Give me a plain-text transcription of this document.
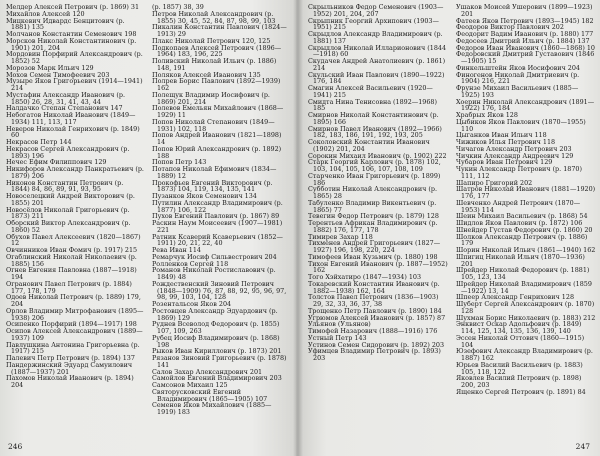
Мелдер Алексей Петрович (р. 1869) 31
Михайлов Алексей 120
Мицкевич Идвардс Бенцитович (р. 1881) 135
Молчанов Константин Семенович 198
Морсков Николай Константинович (р. 1901) 201, 204
Мордовин Порфирий Александрович (р. 1852) 52
Морозов Марк Ильич 129
Мохов Семен Тимофеевич 203
Музыре Яков Григорьевич (1914—1941) 214
Мустафин Александр Иванович (р. 1850) 26, 28, 31, 41, 43, 44
Налдачко Степан Степанович 147
Небогатов Николай Иванович (1849—1934) 111, 113, 117
Неверов Николай Генрихович (р. 1849) 60
Некрасов Петр 144
Некрасов Сергей Александрович (р. 1893) 196
Нечес Ефим Филиппович 129
Никифоров Александр Панкратьевич (р. 1879) 206
Никонов Константин Петрович (р. 1844) 84, 86, 89, 91, 93, 95
Новоселецкий Андрей Викторович (р. 1855) 201
Новосёлов Николай Григорьевич (р. 1873) 211
Оборский Виктор Александрович (р. 1860) 52
Обухов Павел Алексеевич (1820—1867) 12
Овчинников Иван Фомич (р. 1917) 215
Огаблинский Николай Николаевич (р. 1885) 156
Огнев Евгения Павловна (1887—1918) 194
Огранович Павел Петрович (р. 1884) 177, 178, 179
Одоев Николай Петрович (р. 1889) 179, 204
Орлов Владимир Митрофанович (1895—1938) 206
Осипенко Порфирий (1894—1917) 198
Осипов Алексей Александрович (1889—1937) 109
Павлушкина Антонина Григорьевна (р. 1917) 215
Палевич Петр Петрович (р. 1894) 137
Пандержинский Эдуард Самуилович (1887—1937) 201
Пахомов Николай Иванович (р. 1894) 204
(р. 1857) 38, 39
Петров Николай Александрович (р. 1855) 30, 45, 52, 84, 87, 98, 99, 103
Пикалин Константин Павлович (1824—1913) 29
Плакс Николай Петрович 120, 125
Подкопаев Алексей Петрович (1896—1964) 183, 196, 225
Поливский Николай Ильич (р. 1886) 148, 191
Поляков Алексей Иванович 135
Полрев Борис Павлович (1892—1939) 162
Полещук Владимир Иосифович (р. 1869) 201, 214
Полевов Емельян Михайлович (1868—1929) 11
Попов Николай Степанович (1849—1931) 102, 118
Попов Андрей Иванович (1821—1898) 14
Попов Юрий Александрович (р. 1892) 188
Попов Петр 143
Потапов Николай Ефимович (1834—1889) 12
Прокофьев Евгений Викторович (р. 1873) 104, 119, 134, 135, 141
Пузанков Яков Семенович 134
Путилин Александр Владимирович (р. 1877) 106, 122
Пухов Евгений Павлович (р. 1867) 89
Раскин Наум Моисеевич (1907—1981) 221
Ратник Ксаверий Ксаверьевич (1852—1911) 20, 21, 22, 40
Рева Иван 114
Ремарчук Иосиф Сильвестрович 204
Ролленков Сергей 118
Романов Николай Ростиславович (р. 1849) 48
Рождественский Зиновий Петрович (1848—1909) 76, 87, 88, 92, 95, 96, 97, 98, 99, 103, 104, 128
Розентальсон Яков 204
Ростовцев Александр Эдуардович (р. 1869) 129
Руднев Всеволод Федорович (р. 1855) 107, 109, 263
Рубец Иосиф Владимирович (р. 1868) 198
Рыков Иван Кириллович (р. 1873) 201
Рязанов Зиновий Григорьевич (р. 1878) 141
Салов Захар Александрович 201
Самойлов Евгений Владимирович 203
Самсонов Михаил 125
Святорусковский Евгений Владимирович (1865—1905) 107
Семенов Яков Михайлович (1885—1919) 183
246
Скрыльников Федор Семенович (1903—1952) 201, 204, 207
Скрыпник Георгий Архипович (1903—1951) 215
Скрыдлов Александр Владимирович (р. 1881) 137
Скрыдлов Николай Илларионович (1844—1918) 60
Скудачев Андрей Анатолиевич (р. 1861) 214
Скульский Иван Павлович (1890—1922) 176, 184
Смагин Алексей Васильевич (1920—1941) 215
Смидта Нина Тенисовна (1892—1968) 185
Смирнов Николай Константинович (р. 1895) 166
Смирнов Павел Иванович (1892—1966) 182, 183, 186, 191, 192, 193, 205
Соколовский Константин Иванович (1902) 201, 204
Сорокин Михаил Иванович (р. 1902) 222
Старк Георгий Карлович (р. 1878) 102, 103, 104, 105, 106, 107, 108, 109
Старченко Иван Григорьевич (р. 1899) 186
Субботин Николай Александрович (р. 1865) 28
Табуленко Владимир Викентьевич (р. 1865) 77
Тевегин Федор Петрович (р. 1879) 128
Терентьев Африкан Владимирович (р. 1882) 176, 177, 178
Тимирев Захар 118
Тихменев Андрей Григорьевич (1827—1927) 196, 198, 220, 224
Тимофеев Иван Кузьмич (р. 1880) 198
Тихон Евгений Иванович (р. 1887—1952) 162
Того Хэйхатиро (1847—1934) 103
Токаревский Константин Иванович (р. 1882—1938) 162, 164
Толстов Павел Петрович (1836—1903) 29, 32, 33, 36, 37, 38
Трощенко Петр Павлович (р. 1890) 184
Угрюмов Алексей Иванович (р. 1857) 87
Ульянов (Ульянов)
Тимофей Назарович (1888—1916) 176
Устный Петр 143
Устинов Семен Сидорович (р. 1892) 203
Уфимцев Владимир Петрович (р. 1893) 203
Ушаков Моисей Ушерович (1899—1923) 201
Фатеев Яков Петрович (1893—1945) 182
Феодоров Виктор Павлович 202
Феодорит Вадим Иванович (р. 1880) 177
Федосеев Дмитрий Ильич (р. 1884) 137
Федоров Иван Иванович (1860—1868) 10
Федоровский Дмитрий Густавович (1846—1905) 15
Финкельштейн Яков Иосифович 204
Финогенов Николай Дмитриевич (р. 1904) 216, 221
Фрунзе Михаил Васильевич (1885—1925) 193
Хоерин Николай Александрович (1891—1922) 176, 184
Храбрых Яков 128
Цыбиков Яков Павлович (1870—1955) 110
Цыганков Иван Ильич 118
Чижиков Илья Петрович 118
Чичагов Александр Петрович 203
Чичкин Александр Андреевич 129
Чубаров Иван Петрович 129
Чукин Александр Петрович (р. 1870) 111, 112
Шапиро Григорий 202
Шатров Николай Иванович (1881—1920) 176, 177
Шевченко Андрей Петрович (1870—1953) 114
Шеин Михаил Васильевич (р. 1868) 54
Шидлов Яков Павлович (р. 1872) 106
Шнейдер Густав Федорович (р. 1860) 20
Шолков Александр Петрович (р. 1886) 179
Шорин Николай Ильич (1861—1940) 162
Шпигиц Николай Ильич (1870—1936) 201
Шрейдер Николай Федорович (р. 1881) 105, 123, 134
Шрейдер Николай Владимирович (1859—1922) 13, 14
Шпеер Александр Генрихович 128
Шуберт Сергей Александрович (р. 1870) 128
Шухман Борис Николаевич (р. 1883) 212
Энквист Оскар Адольфович (р. 1849) 114, 125, 134, 135, 136, 139, 140
Эссен Николай Оттович (1860—1915) 104
Юзефович Александр Владимирович (р. 1887) 162
Юрьев Василий Васильевич (р. 1883) 105, 118, 122
Яковлев Василий Петрович (р. 1898) 200, 203
Ященко Сергей Петрович (р. 1891) 84
247
